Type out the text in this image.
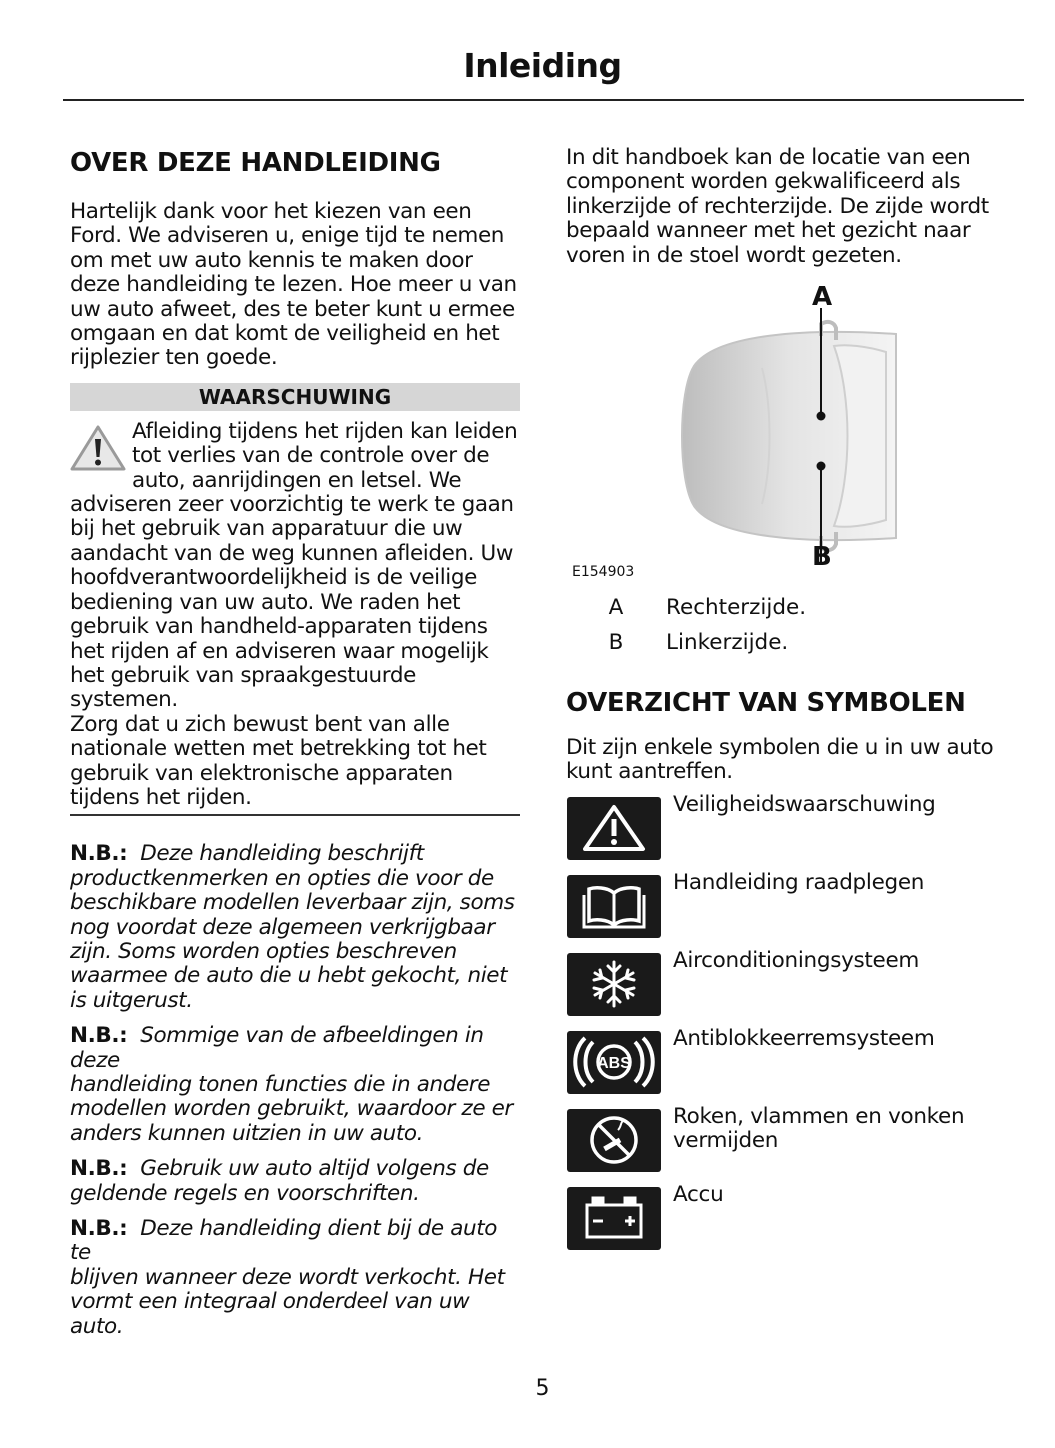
Inleiding
OVER DEZE HANDLEIDING

Hartelijk dank voor het kiezen van een
Ford. We adviseren u, enige tijd te nemen
om met uw auto kennis te maken door
deze handleiding te lezen. Hoe meer u van
uw auto afweet, des te beter kunt u ermee
omgaan en dat komt de veiligheid en het
rijplezier ten goede.

WAARSCHUWING

Afleiding tijdens het rijden kan leiden
tot verlies van de controle over de
auto, aanrijdingen en letsel. We
adviseren zeer voorzichtig te werk te gaan
bij het gebruik van apparatuur die uw
aandacht van de weg kunnen afleiden. Uw
hoofdverantwoordelijkheid is de veilige
bediening van uw auto. We raden het
gebruik van handheld-apparaten tijdens
het rijden af en adviseren waar mogelijk
het gebruik van spraakgestuurde systemen.
Zorg dat u zich bewust bent van alle
nationale wetten met betrekking tot het
gebruik van elektronische apparaten
tijdens het rijden.

N.B.: Deze handleiding beschrijft
productkenmerken en opties die voor de
beschikbare modellen leverbaar zijn, soms
nog voordat deze algemeen verkrijgbaar
zijn. Soms worden opties beschreven
waarmee de auto die u hebt gekocht, niet
is uitgerust.

N.B.: Sommige van de afbeeldingen in deze
handleiding tonen functies die in andere
modellen worden gebruikt, waardoor ze er
anders kunnen uitzien in uw auto.

N.B.: Gebruik uw auto altijd volgens de
geldende regels en voorschriften.

N.B.: Deze handleiding dient bij de auto te
blijven wanneer deze wordt verkocht. Het
vormt een integraal onderdeel van uw auto.

In dit handboek kan de locatie van een
component worden gekwalificeerd als
linkerzijde of rechterzijde. De zijde wordt
bepaald wanneer met het gezicht naar
voren in de stoel wordt gezeten.

A
B
E154903
A	Rechterzijde.
B	Linkerzijde.
OVERZICHT VAN SYMBOLEN

Dit zijn enkele symbolen die u in uw auto
kunt aantreffen.

Veiligheidswaarschuwing
Handleiding raadplegen
Airconditioningsysteem
ABS
Antiblokkeerremsysteem
Roken, vlammen en vonken
vermijden
Accu
5
